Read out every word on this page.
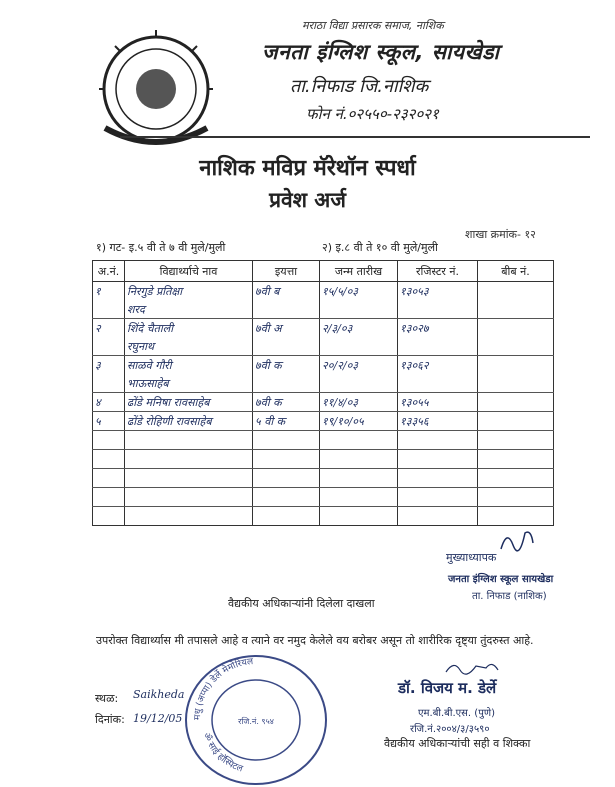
मराठा विद्या प्रसारक समाज, नाशिक
जनता इंग्लिश स्कूल, सायखेडा
ता.निफाड जि.नाशिक
फोन नं.०२५५०-२३२०२१
नाशिक मविप्र मॅरेथॉन स्पर्धा
प्रवेश अर्ज
शाखा क्रमांक- १२
१) गट- इ.५ वी ते ७ वी मुले/मुली	२) इ.८ वी ते १० वी मुले/मुली
अ.नं.	विद्यार्थ्याचे नाव	इयत्ता	जन्म तारीख	रजिस्टर नं.	बीब नं.
१	निरगुडे प्रतिक्षा	७वी ब	१५/५/०३	१३०५३	
	शरद				
२	शिंदे चैताली	७वी अ	२/३/०३	१३०२७	
	रघुनाथ				
३	साळवे गौरी	७वी क	२०/२/०३	१३०६२	
	भाऊसाहेब				
४	ढोंडे मनिषा रावसाहेब	७वी क	११/४/०३	१३०५५	
५	ढोंडे रोहिणी रावसाहेब	५ वी क	१९/१०/०५	१३३५६	

मुख्याध्यापक
जनता इंग्लिश स्कूल सायखेडा
ता. निफाड (नाशिक)
वैद्यकीय अधिकाऱ्यांनी दिलेला दाखला
उपरोक्त विद्यार्थ्यास मी तपासले आहे व त्याने वर नमुद केलेले वय बरोबर असून तो शारीरिक दृष्ट्या तुंदरुस्त आहे.
स्थळ: Saikheda
दिनांक: 19/12/05 मधु (अप्पा) डेर्ले मेमोरियल
रजि.नं. ९५४
ॐ साई हॉस्पिटल
डॉ. विजय म. डेर्ले
एम.बी.बी.एस. (पुणे)
रजि.नं.२००४/३/३५९०
वैद्यकीय अधिकाऱ्यांची सही व शिक्का
